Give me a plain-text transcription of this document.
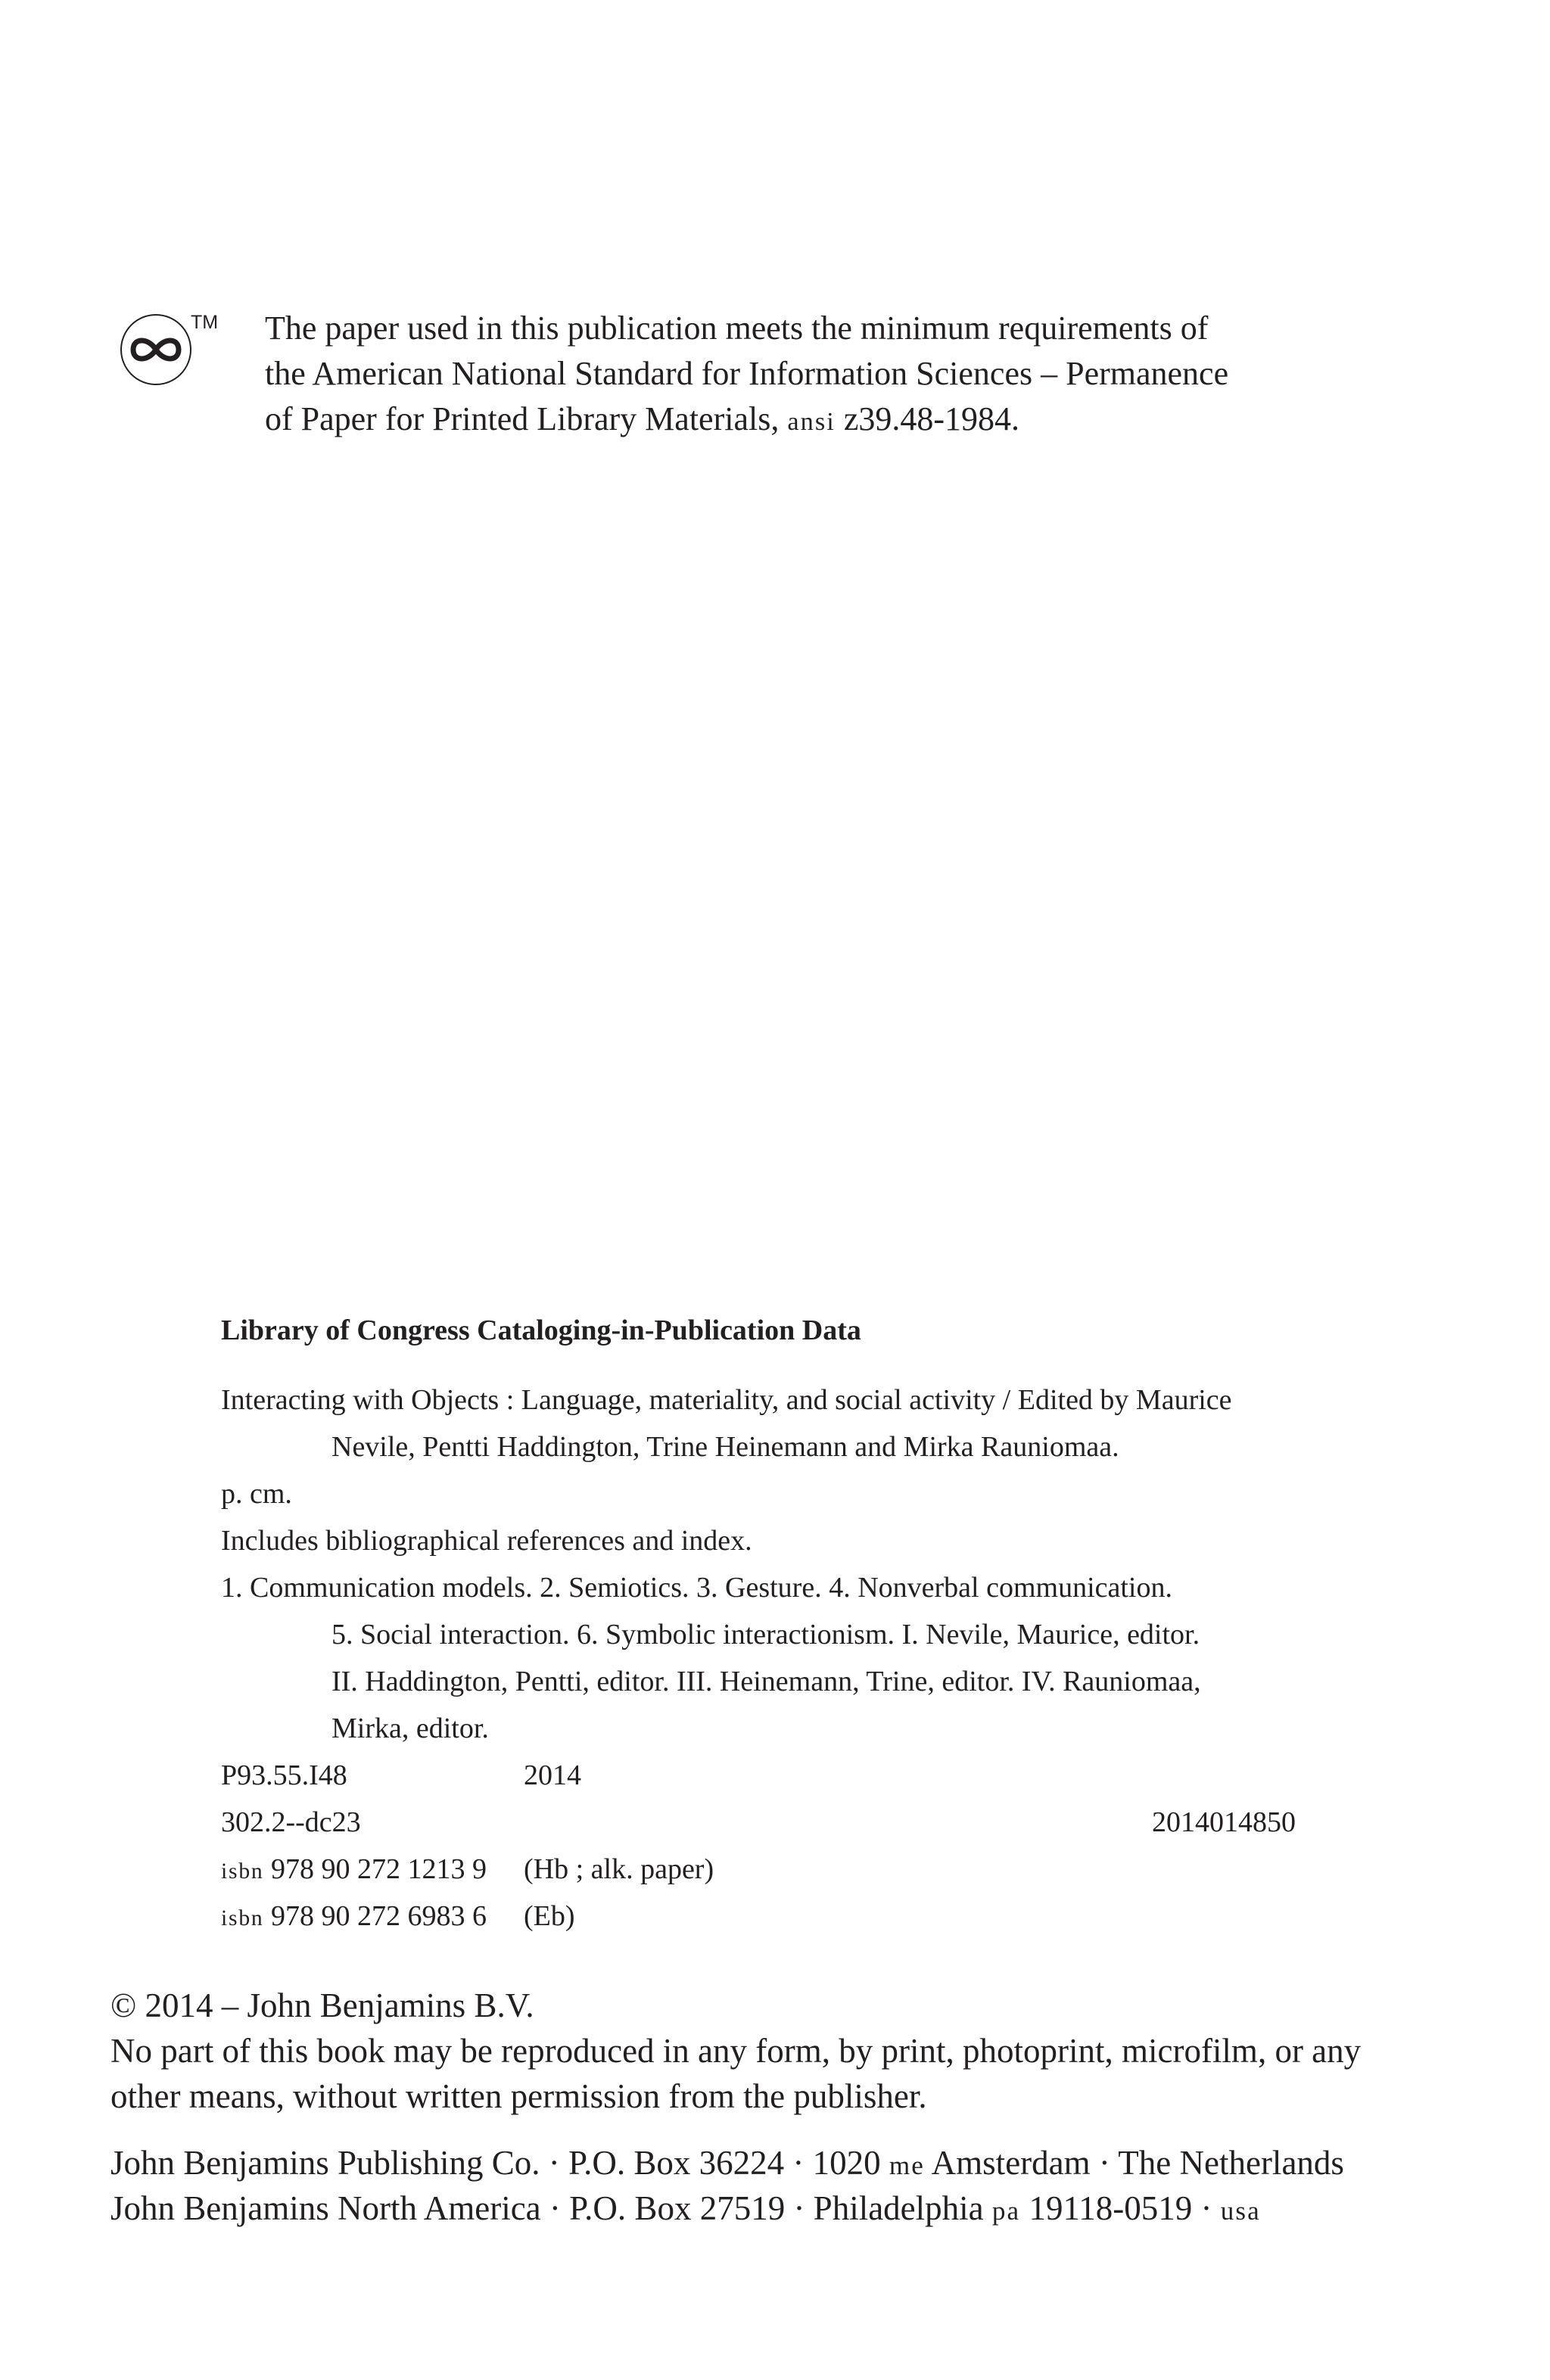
TM The paper used in this publication meets the minimum requirements of
the American National Standard for Information Sciences – Permanence
of Paper for Printed Library Materials, ansi z39.48-1984.
Library of Congress Cataloging-in-Publication Data
Interacting with Objects : Language, materiality, and social activity / Edited by Maurice
Nevile, Pentti Haddington, Trine Heinemann and Mirka Rauniomaa.
p. cm.
Includes bibliographical references and index.
1. Communication models. 2. Semiotics. 3. Gesture. 4. Nonverbal communication.
5. Social interaction. 6. Symbolic interactionism. I. Nevile, Maurice, editor.
II. Haddington, Pentti, editor. III. Heinemann, Trine, editor. IV. Rauniomaa,
Mirka, editor.
P93.55.I48	2014
302.2--dc23	2014014850
isbn 978 90 272 1213 9 (Hb ; alk. paper)
isbn 978 90 272 6983 6 (Eb)
© 2014 – John Benjamins B.V.
No part of this book may be reproduced in any form, by print, photoprint, microfilm, or any
other means, without written permission from the publisher.
John Benjamins Publishing Co. · P.O. Box 36224 · 1020 me Amsterdam · The Netherlands
John Benjamins North America · P.O. Box 27519 · Philadelphia pa 19118-0519 · usa
